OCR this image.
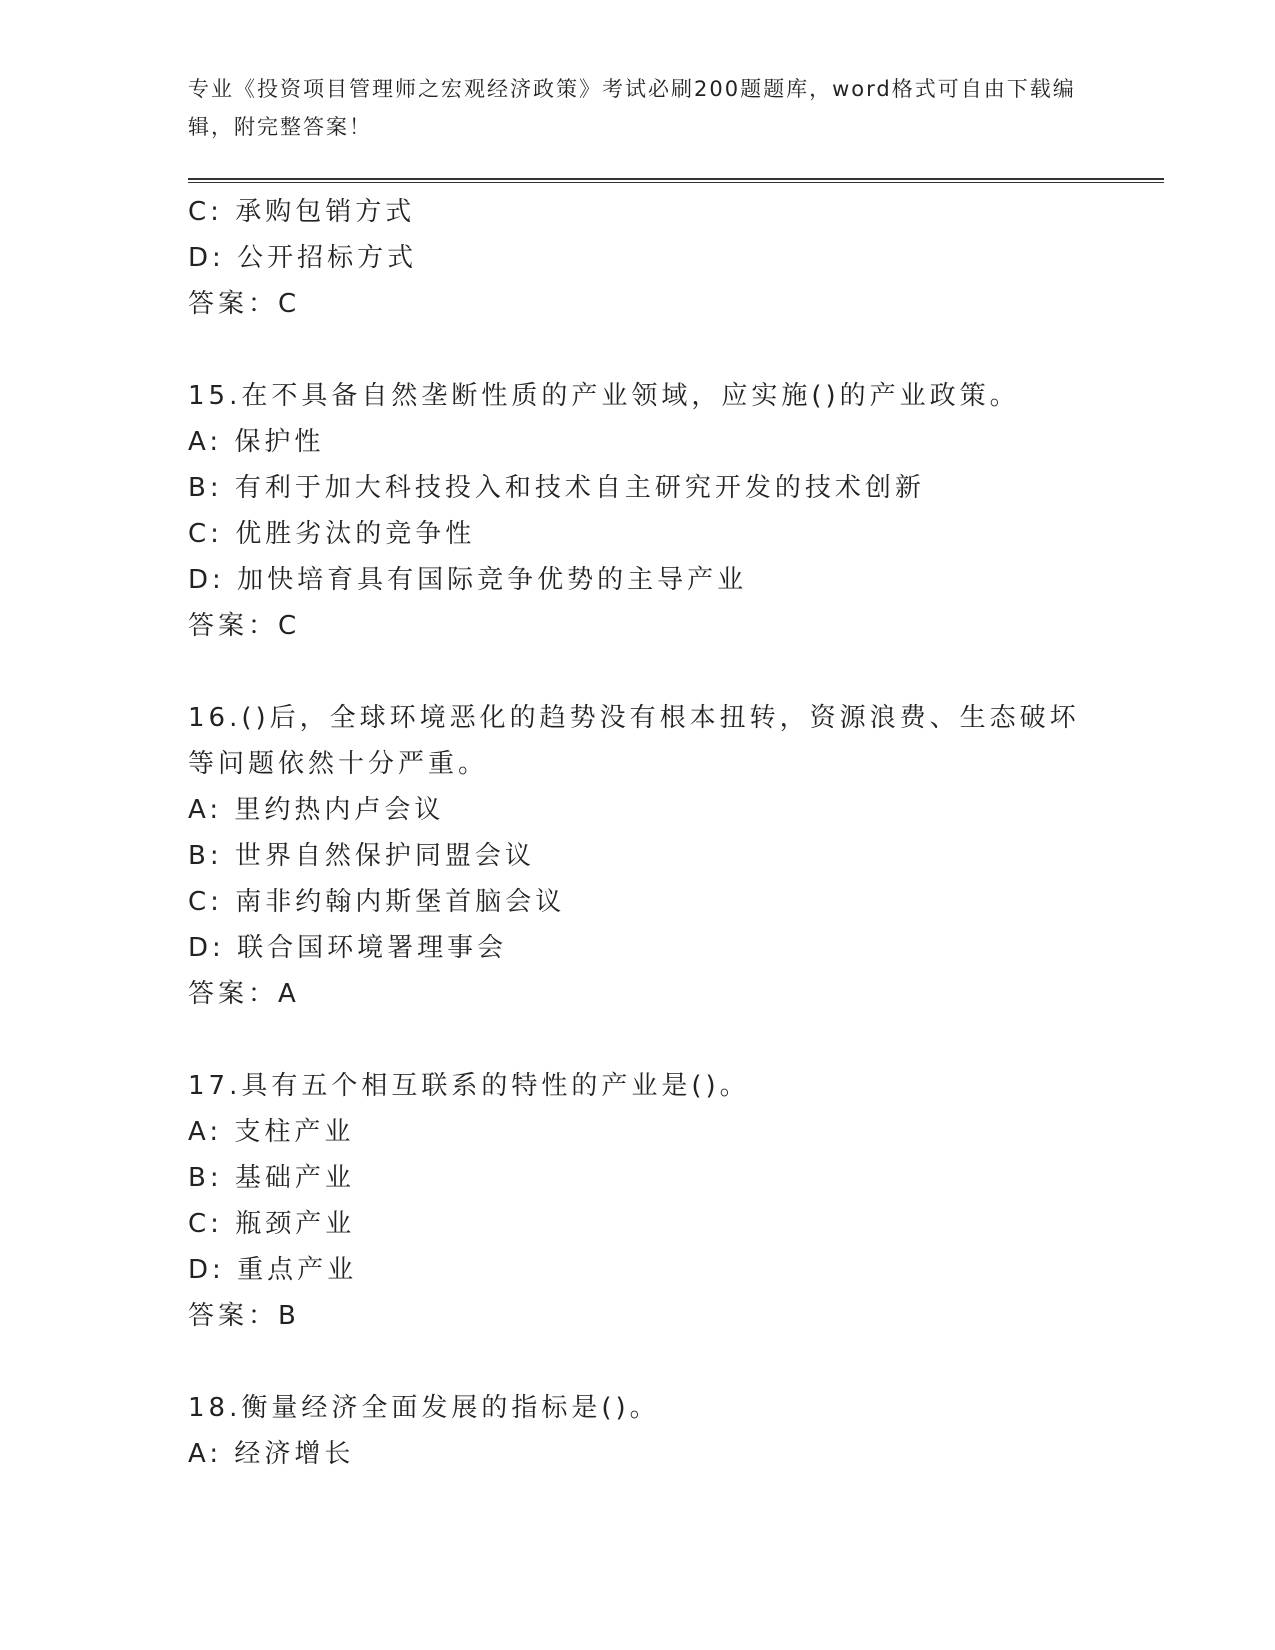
专业《投资项目管理师之宏观经济政策》考试必刷200题题库，word格式可自由下载编辑，附完整答案！
C: 承购包销方式
D: 公开招标方式
答案：C
15.在不具备自然垄断性质的产业领域，应实施()的产业政策。
A: 保护性
B: 有利于加大科技投入和技术自主研究开发的技术创新
C: 优胜劣汰的竞争性
D: 加快培育具有国际竞争优势的主导产业
答案：C
16.()后，全球环境恶化的趋势没有根本扭转，资源浪费、生态破坏等问题依然十分严重。
A: 里约热内卢会议
B: 世界自然保护同盟会议
C: 南非约翰内斯堡首脑会议
D: 联合国环境署理事会
答案：A
17.具有五个相互联系的特性的产业是()。
A: 支柱产业
B: 基础产业
C: 瓶颈产业
D: 重点产业
答案：B
18.衡量经济全面发展的指标是()。
A: 经济增长
